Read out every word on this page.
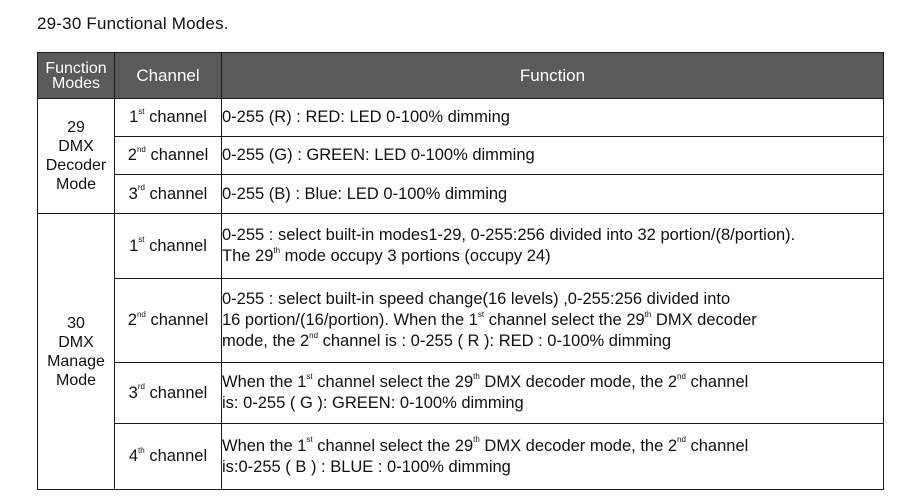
29-30 Functional Modes.
Function
Modes	Channel	Function
29
DMX
Decoder
Mode	1st channel	0-255 (R) : RED: LED 0-100% dimming
	2nd channel	0-255 (G) : GREEN: LED 0-100% dimming
	3rd channel	0-255 (B) : Blue: LED 0-100% dimming
30
DMX
Manage
Mode	1st channel	0-255 : select built-in modes1-29, 0-255:256 divided into 32 portion/(8/portion).
The 29th mode occupy 3 portions (occupy 24)
	2nd channel	0-255 : select built-in speed change(16 levels) ,0-255:256 divided into
16 portion/(16/portion). When the 1st channel select the 29th DMX decoder
mode, the 2nd channel is : 0-255 ( R ): RED : 0-100% dimming
	3rd channel	When the 1st channel select the 29th DMX decoder mode, the 2nd channel
is: 0-255 ( G ): GREEN: 0-100% dimming
	4th channel	When the 1st channel select the 29th DMX decoder mode, the 2nd channel
is:0-255 ( B ) : BLUE : 0-100% dimming
